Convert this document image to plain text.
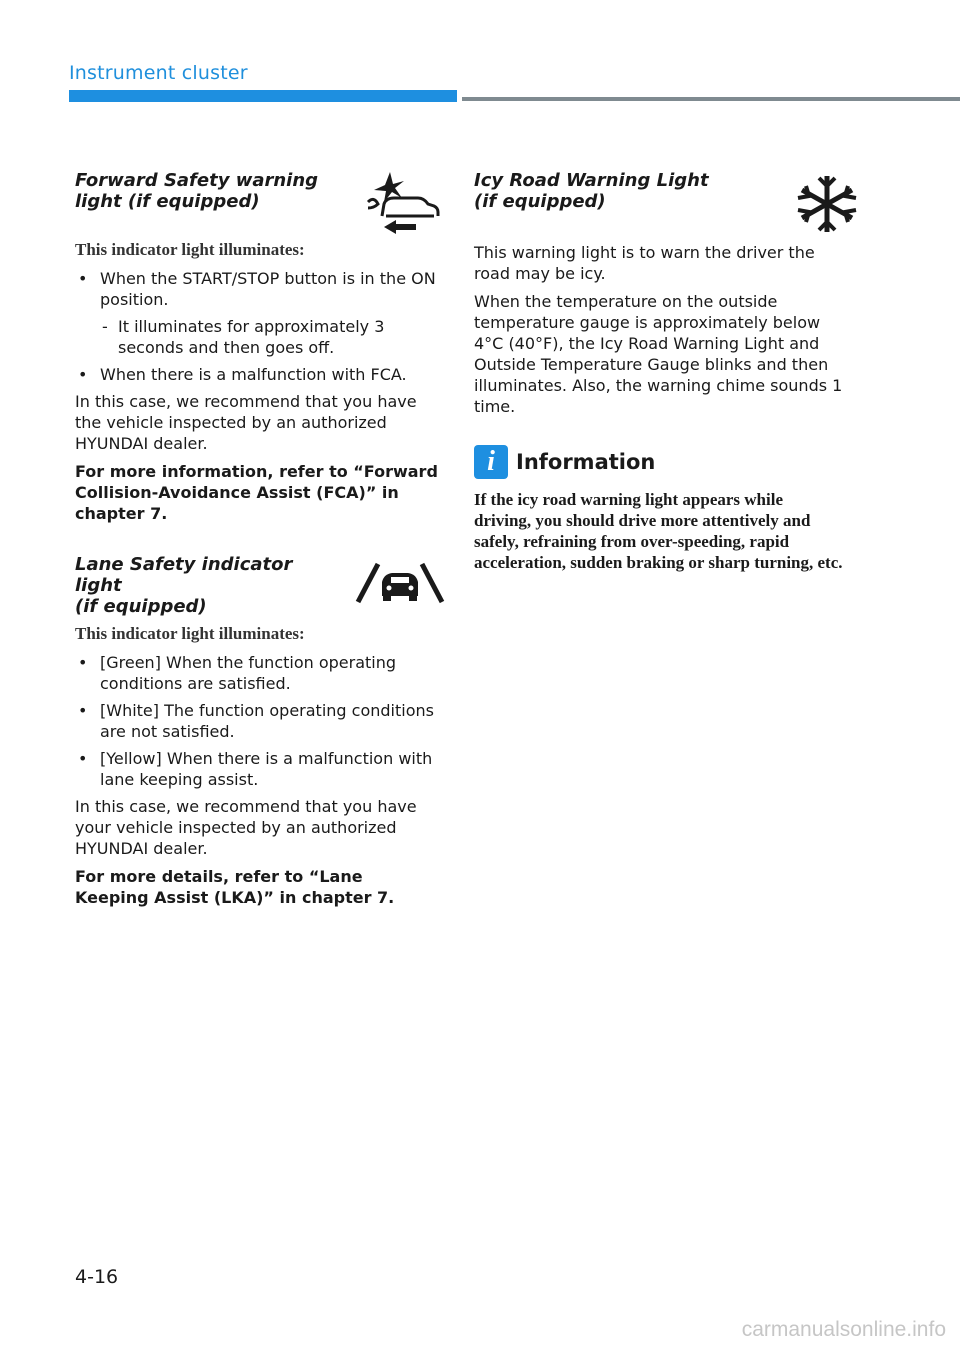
Instrument cluster
Forward Safety warning
light (if equipped)
This indicator light illuminates:
• When the START/STOP button is in the ON position.
- It illuminates for approximately 3 seconds and then goes off.
• When there is a malfunction with FCA.

In this case, we recommend that you have the vehicle inspected by an authorized HYUNDAI dealer.

For more information, refer to “Forward Collision-Avoidance Assist (FCA)” in chapter 7.

Lane Safety indicator light
(if equipped)
This indicator light illuminates:
• [Green] When the function operating conditions are satisfied.
• [White] The function operating conditions are not satisfied.
• [Yellow] When there is a malfunction with lane keeping assist.

In this case, we recommend that you have your vehicle inspected by an authorized HYUNDAI dealer.

For more details, refer to “Lane Keeping Assist (LKA)” in chapter 7.

Icy Road Warning Light
(if equipped)

This warning light is to warn the driver the road may be icy.

When the temperature on the outside temperature gauge is approximately below 4°C (40°F), the Icy Road Warning Light and Outside Temperature Gauge blinks and then illuminates. Also, the warning chime sounds 1 time.

i	Information

If the icy road warning light appears while driving, you should drive more attentively and safely, refraining from over-speeding, rapid acceleration, sudden braking or sharp turning, etc.

4-16
carmanualsonline.info
